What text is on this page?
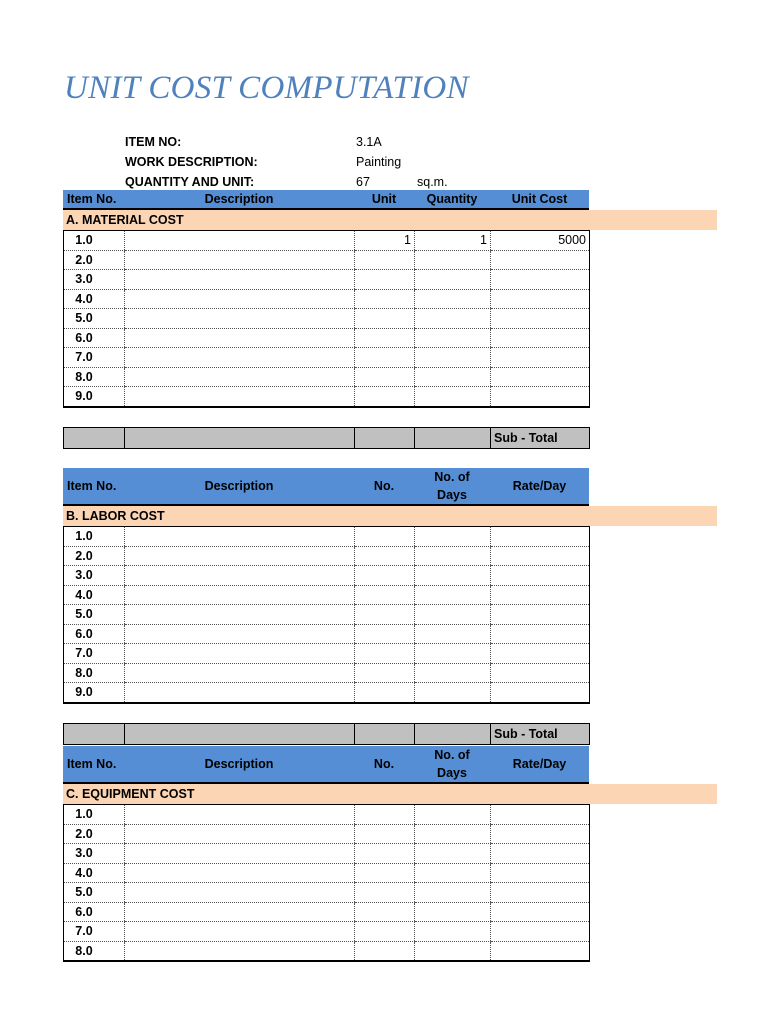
UNIT COST COMPUTATION
ITEM NO:	3.1A
WORK DESCRIPTION:	Painting
QUANTITY AND UNIT:	67	sq.m.
Item No.	Description	Unit	Quantity	Unit Cost
A. MATERIAL COST
1.0		1	1	5000
2.0				
3.0				
4.0				
5.0				
6.0				
7.0				
8.0				
9.0				
				Sub - Total
Item No.	Description	No.	No. of Days	Rate/Day
B. LABOR COST
1.0				
2.0				
3.0				
4.0				
5.0				
6.0				
7.0				
8.0				
9.0				
				Sub - Total
Item No.	Description	No.	No. of Days	Rate/Day
C. EQUIPMENT COST
1.0				
2.0				
3.0				
4.0				
5.0				
6.0				
7.0				
8.0				
